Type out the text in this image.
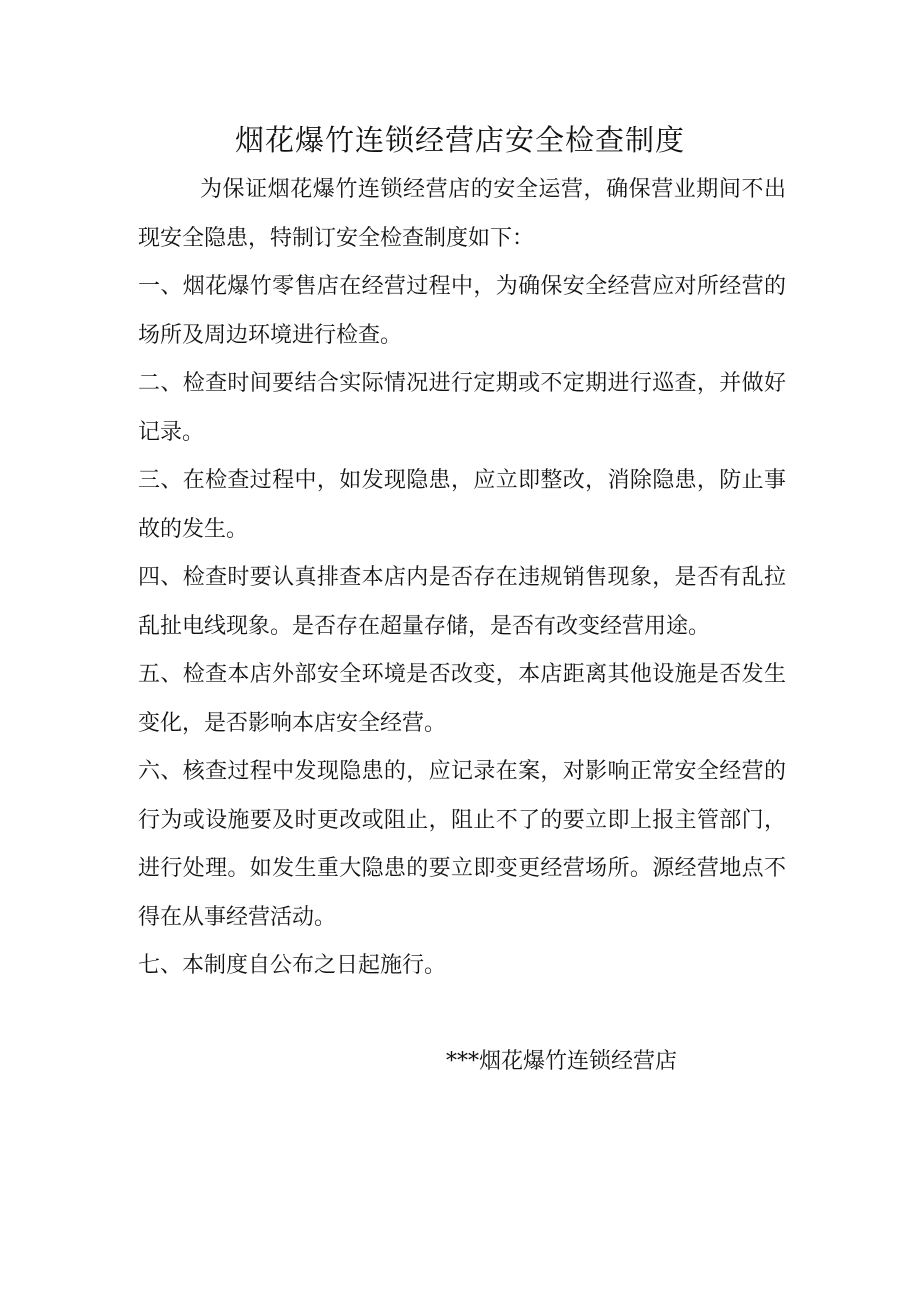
烟花爆竹连锁经营店安全检查制度

为保证烟花爆竹连锁经营店的安全运营，确保营业期间不出现安全隐患，特制订安全检查制度如下：

一、烟花爆竹零售店在经营过程中，为确保安全经营应对所经营的场所及周边环境进行检查。

二、检查时间要结合实际情况进行定期或不定期进行巡查，并做好记录。

三、在检查过程中，如发现隐患，应立即整改，消除隐患，防止事故的发生。

四、检查时要认真排查本店内是否存在违规销售现象，是否有乱拉乱扯电线现象。是否存在超量存储，是否有改变经营用途。

五、检查本店外部安全环境是否改变，本店距离其他设施是否发生变化，是否影响本店安全经营。

六、核查过程中发现隐患的，应记录在案，对影响正常安全经营的行为或设施要及时更改或阻止，阻止不了的要立即上报主管部门，进行处理。如发生重大隐患的要立即变更经营场所。源经营地点不得在从事经营活动。

七、本制度自公布之日起施行。

***烟花爆竹连锁经营店
